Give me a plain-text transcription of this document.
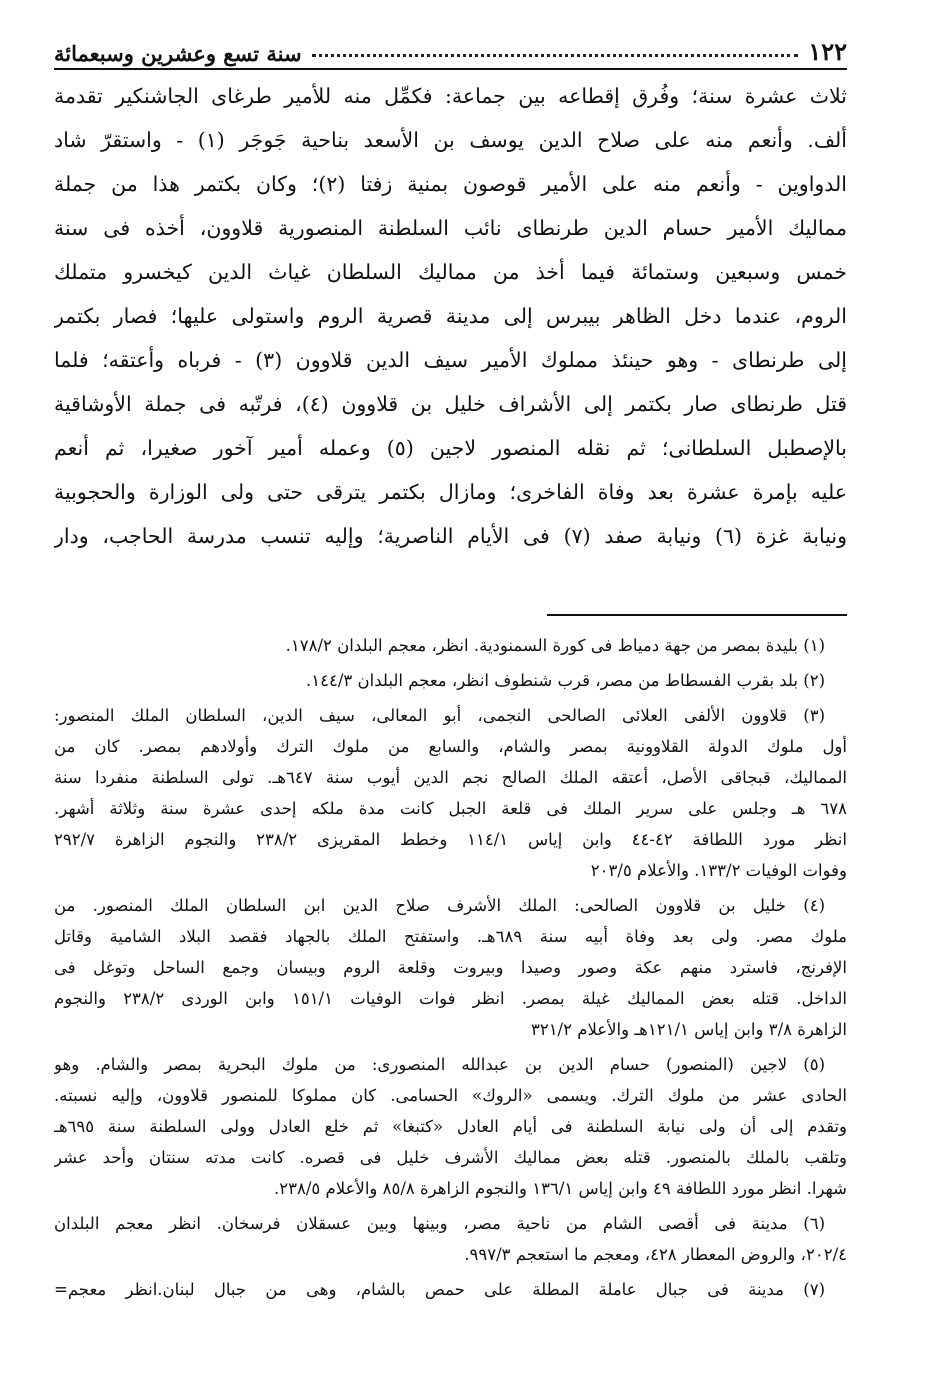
١٢٢
سنة تسع وعشرين وسبعمائة
ثلاث عشرة سنة؛ وفُرق إقطاعه بين جماعة: فكمِّل منه للأمير طرغاى الجاشنكير تقدمة
ألف. وأنعم منه على صلاح الدين يوسف بن الأسعد بناحية جَوجَر (١) - واستقرّ شاد
الدواوين - وأنعم منه على الأمير قوصون بمنية زفتا (٢)؛ وكان بكتمر هذا من جملة
مماليك الأمير حسام الدين طرنطاى نائب السلطنة المنصورية قلاوون، أخذه فى سنة
خمس وسبعين وستمائة فيما أخذ من مماليك السلطان غياث الدين كيخسرو متملك
الروم، عندما دخل الظاهر بيبرس إلى مدينة قصرية الروم واستولى عليها؛ فصار بكتمر
إلى طرنطاى - وهو حينئذ مملوك الأمير سيف الدين قلاوون (٣) - فرباه وأعتقه؛ فلما
قتل طرنطاى صار بكتمر إلى الأشراف خليل بن قلاوون (٤)، فرتّبه فى جملة الأوشاقية
بالإصطبل السلطانى؛ ثم نقله المنصور لاجين (٥) وعمله أمير آخور صغيرا، ثم أنعم
عليه بإمرة عشرة بعد وفاة الفاخرى؛ ومازال بكتمر يترقى حتى ولى الوزارة والحجوبية
ونيابة غزة (٦) ونيابة صفد (٧) فى الأيام الناصرية؛ وإليه تنسب مدرسة الحاجب، ودار
(١) بليدة بمصر من جهة دمياط فى كورة السمنودية. انظر، معجم البلدان ١٧٨/٢.
(٢) بلد بقرب الفسطاط من مصر، قرب شنطوف انظر، معجم البلدان ١٤٤/٣.
(٣) قلاوون الألفى العلائى الصالحى النجمى، أبو المعالى، سيف الدين، السلطان الملك المنصور:
أول ملوك الدولة القلاوونية بمصر والشام، والسابع من ملوك الترك وأولادهم بمصر. كان من
المماليك، قبجاقى الأصل، أعتقه الملك الصالح نجم الدين أيوب سنة ٦٤٧هـ. تولى السلطنة منفردا سنة
٦٧٨ هـ وجلس على سرير الملك فى قلعة الجبل كانت مدة ملكه إحدى عشرة سنة وثلاثة أشهر.
انظر مورد اللطافة ٤٢-٤٤ وابن إياس ١١٤/١ وخطط المقريزى ٢٣٨/٢ والنجوم الزاهرة ٢٩٢/٧
وفوات الوفيات ١٣٣/٢. والأعلام ٢٠٣/٥
(٤) خليل بن قلاوون الصالحى: الملك الأشرف صلاح الدين ابن السلطان الملك المنصور. من
ملوك مصر. ولى بعد وفاة أبيه سنة ٦٨٩هـ. واستفتح الملك بالجهاد فقصد البلاد الشامية وقاتل
الإفرنج، فاسترد منهم عكة وصور وصيدا وبيروت وقلعة الروم وبيسان وجمع الساحل وتوغل فى
الداخل. قتله بعض المماليك غيلة بمصر. انظر فوات الوفيات ١٥١/١ وابن الوردى ٢٣٨/٢ والنجوم
الزاهرة ٣/٨ وابن إياس ١٢١/١هـ والأعلام ٣٢١/٢
(٥) لاجين (المنصور) حسام الدين بن عبدالله المنصورى: من ملوك البحرية بمصر والشام. وهو
الحادى عشر من ملوك الترك. ويسمى «الروك» الحسامى. كان مملوكا للمنصور قلاوون، وإليه نسبته.
وتقدم إلى أن ولى نيابة السلطنة فى أيام العادل «كتبغا» ثم خلع العادل وولى السلطنة سنة ٦٩٥هـ
وتلقب بالملك بالمنصور. قتله بعض مماليك الأشرف خليل فى قصره. كانت مدته سنتان وأحد عشر
شهرا. انظر مورد اللطافة ٤٩ وابن إياس ١٣٦/١ والنجوم الزاهرة ٨٥/٨ والأعلام ٢٣٨/٥.
(٦) مدينة فى أقصى الشام من ناحية مصر، وبينها وبين عسقلان فرسخان. انظر معجم البلدان
٢٠٢/٤، والروض المعطار ٤٢٨، ومعجم ما استعجم ٩٩٧/٣.
(٧) مدينة فى جبال عاملة المطلة على حمص بالشام، وهى من جبال لبنان.انظر معجم=
